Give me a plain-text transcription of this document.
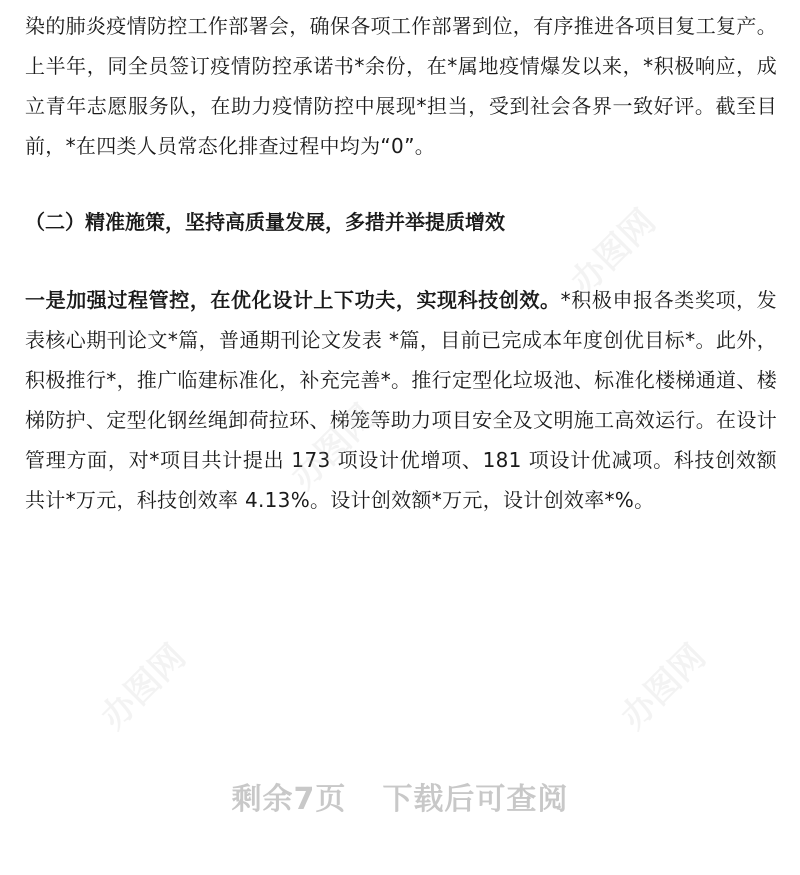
染的肺炎疫情防控工作部署会，确保各项工作部署到位，有序推进各项目复工复产。上半年，同全员签订疫情防控承诺书*余份，在*属地疫情爆发以来，*积极响应，成立青年志愿服务队，在助力疫情防控中展现*担当，受到社会各界一致好评。截至目前，*在四类人员常态化排查过程中均为“0”。

（二）精准施策，坚持高质量发展，多措并举提质增效

一是加强过程管控，在优化设计上下功夫，实现科技创效。*积极申报各类奖项，发表核心期刊论文*篇，普通期刊论文发表 *篇，目前已完成本年度创优目标*。此外，积极推行*，推广临建标准化，补充完善*。推行定型化垃圾池、标准化楼梯通道、楼梯防护、定型化钢丝绳卸荷拉环、梯笼等助力项目安全及文明施工高效运行。在设计管理方面，对*项目共计提出 173 项设计优增项、181 项设计优减项。科技创效额共计*万元，科技创效率 4.13%。设计创效额*万元，设计创效率*%。

办图网
办图网
办图网	办图网
剩余7页 下载后可查阅
